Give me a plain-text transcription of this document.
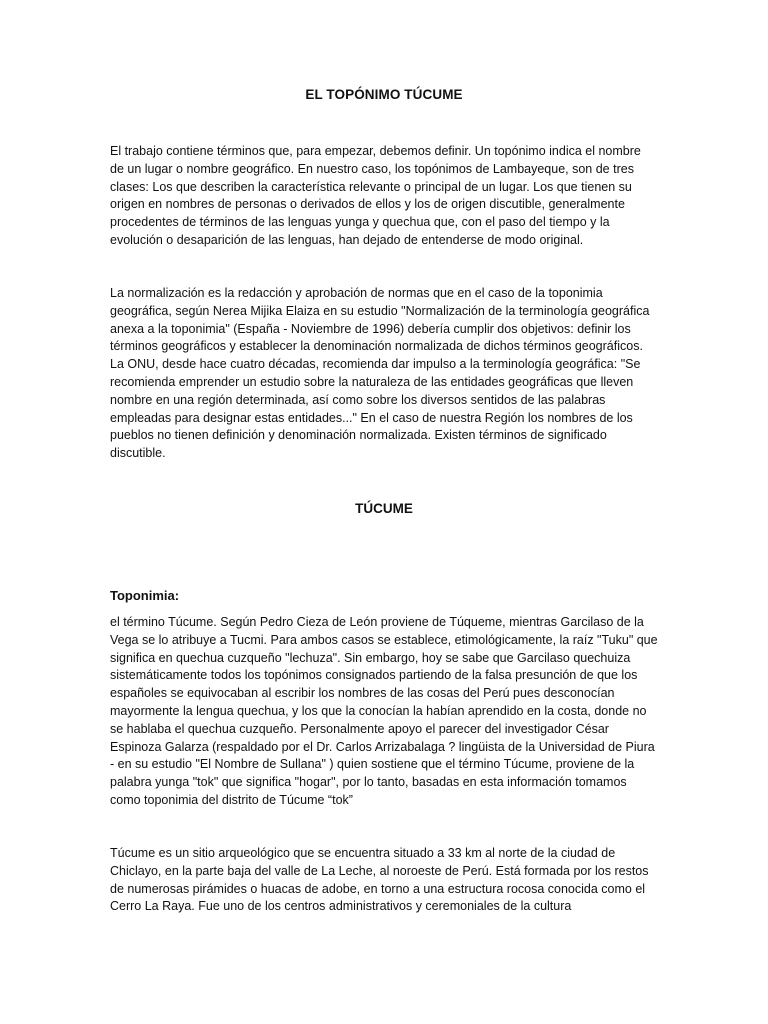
EL TOPÓNIMO TÚCUME

El trabajo contiene términos que, para empezar, debemos definir. Un topónimo indica el nombre de un lugar o nombre geográfico. En nuestro caso, los topónimos de Lambayeque, son de tres clases: Los que describen la característica relevante o principal de un lugar. Los que tienen su origen en nombres de personas o derivados de ellos y los de origen discutible, generalmente procedentes de términos de las lenguas yunga y quechua que, con el paso del tiempo y la evolución o desaparición de las lenguas, han dejado de entenderse de modo original.

La normalización es la redacción y aprobación de normas que en el caso de la toponimia geográfica, según Nerea Mijika Elaiza en su estudio "Normalización de la terminología geográfica anexa a la toponimia" (España - Noviembre de 1996) debería cumplir dos objetivos: definir los términos geográficos y establecer la denominación normalizada de dichos términos geográficos. La ONU, desde hace cuatro décadas, recomienda dar impulso a la terminología geográfica: "Se recomienda emprender un estudio sobre la naturaleza de las entidades geográficas que lleven nombre en una región determinada, así como sobre los diversos sentidos de las palabras empleadas para designar estas entidades..." En el caso de nuestra Región los nombres de los pueblos no tienen definición y denominación normalizada. Existen términos de significado discutible.

TÚCUME
Toponimia:

el término Túcume. Según Pedro Cieza de León proviene de Túqueme, mientras Garcilaso de la Vega se lo atribuye a Tucmi. Para ambos casos se establece, etimológicamente, la raíz "Tuku" que significa en quechua cuzqueño "lechuza". Sin embargo, hoy se sabe que Garcilaso quechuiza sistemáticamente todos los topónimos consignados partiendo de la falsa presunción de que los españoles se equivocaban al escribir los nombres de las cosas del Perú pues desconocían mayormente la lengua quechua, y los que la conocían la habían aprendido en la costa, donde no se hablaba el quechua cuzqueño. Personalmente apoyo el parecer del investigador César Espinoza Galarza (respaldado por el Dr. Carlos Arrizabalaga ? lingüista de la Universidad de Piura - en su estudio "El Nombre de Sullana" ) quien sostiene que el término Túcume, proviene de la palabra yunga "tok" que significa "hogar", por lo tanto, basadas en esta información tomamos como toponimia del distrito de Túcume “tok”

Túcume es un sitio arqueológico que se encuentra situado a 33 km al norte de la ciudad de Chiclayo, en la parte baja del valle de La Leche, al noroeste de Perú. Está formada por los restos de numerosas pirámides o huacas de adobe, en torno a una estructura rocosa conocida como el Cerro La Raya. Fue uno de los centros administrativos y ceremoniales de la cultura
